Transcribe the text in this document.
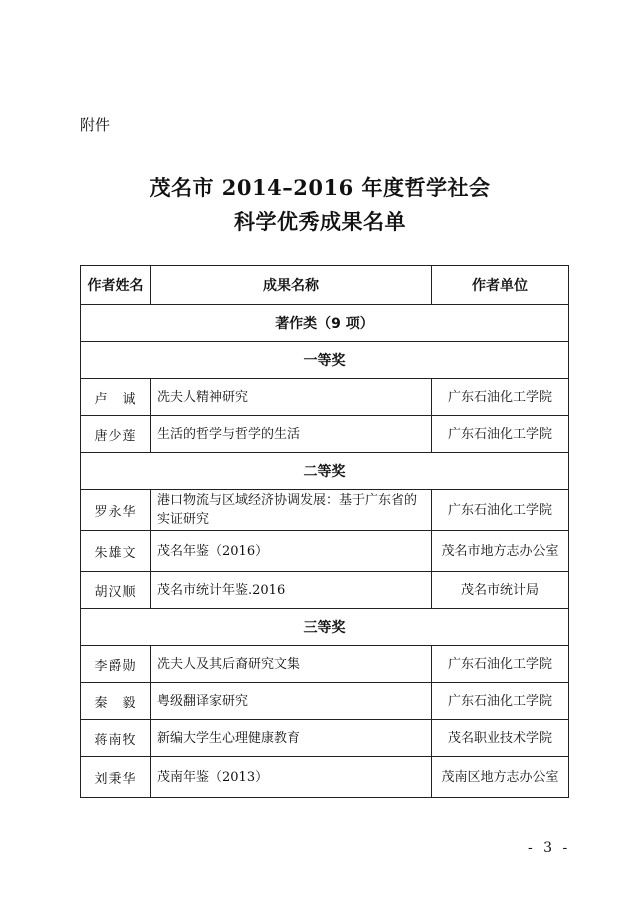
附件
茂名市 2014–2016 年度哲学社会
科学优秀成果名单
作者姓名	成果名称	作者单位
著作类（9 项）		
一等奖		
卢　诚	冼夫人精神研究	广东石油化工学院
唐少莲	生活的哲学与哲学的生活	广东石油化工学院
二等奖		
罗永华	港口物流与区域经济协调发展：基于广东省的实证研究	广东石油化工学院
朱雄文	茂名年鉴（2016）	茂名市地方志办公室
胡汉顺	茂名市统计年鉴.2016	茂名市统计局
三等奖		
李爵勋	冼夫人及其后裔研究文集	广东石油化工学院
秦　毅	粤级翻译家研究	广东石油化工学院
蒋南牧	新编大学生心理健康教育	茂名职业技术学院
刘秉华	茂南年鉴（2013）	茂南区地方志办公室
- 3 -
